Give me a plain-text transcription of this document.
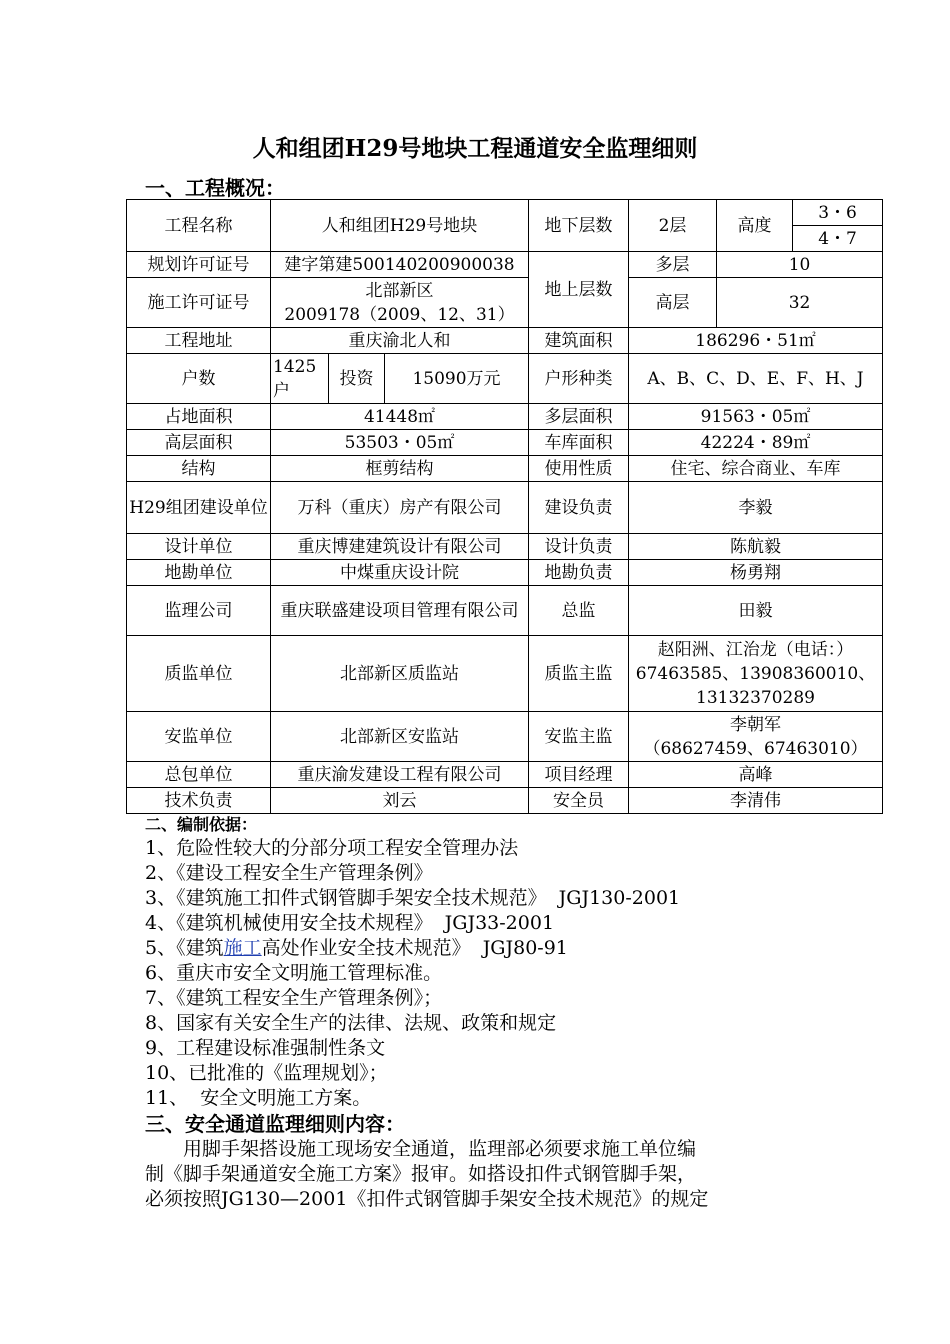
人和组团H29号地块工程通道安全监理细则
一、工程概况：
工程名称	人和组团H29号地块			地下层数	2层	高度	3・6
							4・7
规划许可证号	建字第建500140200900038			地上层数	多层	10	
施工许可证号	北部新区
2009178（2009、12、31）				高层	32	
工程地址	重庆渝北人和			建筑面积	186296・51㎡		
户数	1425户	投资	15090万元	户形种类	A、B、C、D、E、F、H、J		
占地面积	41448㎡			多层面积	91563・05㎡		
高层面积	53503・05㎡			车库面积	42224・89㎡		
结构	框剪结构			使用性质	住宅、综合商业、车库		
H29组团建设单位	万科（重庆）房产有限公司			建设负责	李毅		
设计单位	重庆博建建筑设计有限公司			设计负责	陈航毅		
地勘单位	中煤重庆设计院			地勘负责	杨勇翔		
监理公司	重庆联盛建设项目管理有限公司			总监	田毅		
质监单位	北部新区质监站			质监主监	赵阳洲、江治龙（电话：）
67463585、13908360010、
13132370289		

安监单位	北部新区安监站			安监主监	李朝军
（68627459、67463010）		

总包单位	重庆渝发建设工程有限公司			项目经理	高峰		
技术负责	刘云			安全员	李清伟		
二、编制依据：
1、危险性较大的分部分项工程安全管理办法
2、《建设工程安全生产管理条例》
3、《建筑施工扣件式钢管脚手架安全技术规范》  JGJ130-2001
4、《建筑机械使用安全技术规程》  JGJ33-2001
5、《建筑施工高处作业安全技术规范》  JGJ80-91
6、重庆市安全文明施工管理标准。
7、《建筑工程安全生产管理条例》；
8、国家有关安全生产的法律、法规、政策和规定
9、工程建设标准强制性条文
10、已批准的《监理规划》；
11、  安全文明施工方案。
三、安全通道监理细则内容：

　　用脚手架搭设施工现场安全通道，监理部必须要求施工单位编

制《脚手架通道安全施工方案》报审。如搭设扣件式钢管脚手架，

必须按照JG130—2001《扣件式钢管脚手架安全技术规范》的规定
